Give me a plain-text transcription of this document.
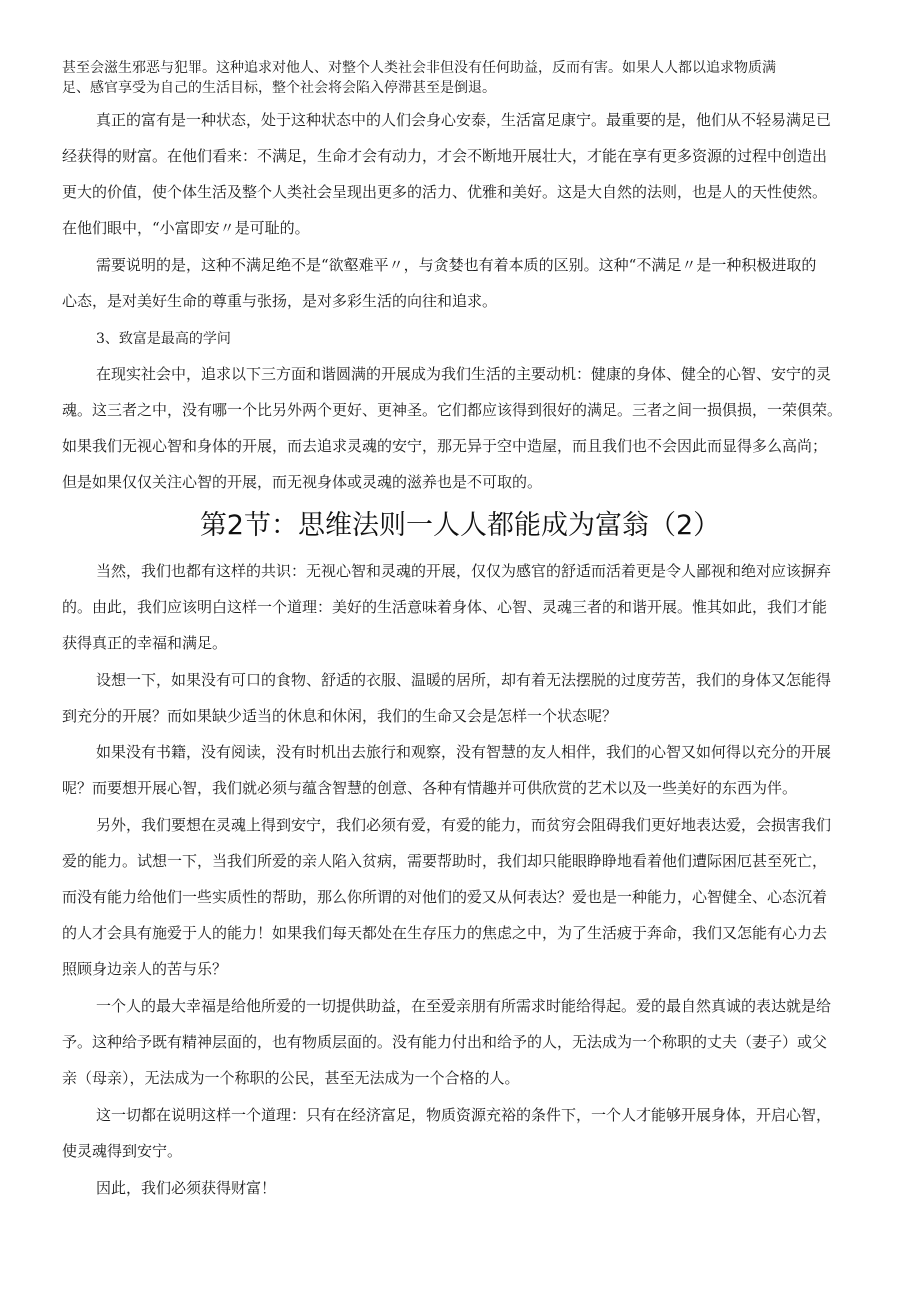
甚至会滋生邪恶与犯罪。这种追求对他人、对整个人类社会非但没有任何助益，反而有害。如果人人都以追求物质满
足、感官享受为自己的生活目标，整个社会将会陷入停滞甚至是倒退。
真正的富有是一种状态，处于这种状态中的人们会身心安泰，生活富足康宁。最重要的是，他们从不轻易满足已
经获得的财富。在他们看来：不满足，生命才会有动力，才会不断地开展壮大，才能在享有更多资源的过程中创造出
更大的价值，使个体生活及整个人类社会呈现出更多的活力、优雅和美好。这是大自然的法则，也是人的天性使然。
在他们眼中，“小富即安〃是可耻的。
需要说明的是，这种不满足绝不是“欲壑难平〃，与贪婪也有着本质的区别。这种“不满足〃是一种积极进取的
心态，是对美好生命的尊重与张扬，是对多彩生活的向往和追求。
3、致富是最高的学问
在现实社会中，追求以下三方面和谐圆满的开展成为我们生活的主要动机：健康的身体、健全的心智、安宁的灵
魂。这三者之中，没有哪一个比另外两个更好、更神圣。它们都应该得到很好的满足。三者之间一损俱损，一荣俱荣。
如果我们无视心智和身体的开展，而去追求灵魂的安宁，那无异于空中造屋，而且我们也不会因此而显得多么高尚；
但是如果仅仅关注心智的开展，而无视身体或灵魂的滋养也是不可取的。
第2节：思维法则一人人都能成为富翁（2）
当然，我们也都有这样的共识：无视心智和灵魂的开展，仅仅为感官的舒适而活着更是令人鄙视和绝对应该摒弃
的。由此，我们应该明白这样一个道理：美好的生活意味着身体、心智、灵魂三者的和谐开展。惟其如此，我们才能
获得真正的幸福和满足。
设想一下，如果没有可口的食物、舒适的衣服、温暖的居所，却有着无法摆脱的过度劳苦，我们的身体又怎能得
到充分的开展？而如果缺少适当的休息和休闲，我们的生命又会是怎样一个状态呢？
如果没有书籍，没有阅读，没有时机出去旅行和观察，没有智慧的友人相伴，我们的心智又如何得以充分的开展
呢？而要想开展心智，我们就必须与蕴含智慧的创意、各种有情趣并可供欣赏的艺术以及一些美好的东西为伴。
另外，我们要想在灵魂上得到安宁，我们必须有爱，有爱的能力，而贫穷会阻碍我们更好地表达爱，会损害我们
爱的能力。试想一下，当我们所爱的亲人陷入贫病，需要帮助时，我们却只能眼睁睁地看着他们遭际困厄甚至死亡，
而没有能力给他们一些实质性的帮助，那么你所谓的对他们的爱又从何表达？爱也是一种能力，心智健全、心态沉着
的人才会具有施爱于人的能力！如果我们每天都处在生存压力的焦虑之中，为了生活疲于奔命，我们又怎能有心力去
照顾身边亲人的苦与乐？
一个人的最大幸福是给他所爱的一切提供助益，在至爱亲朋有所需求时能给得起。爱的最自然真诚的表达就是给
予。这种给予既有精神层面的，也有物质层面的。没有能力付出和给予的人，无法成为一个称职的丈夫（妻子）或父
亲（母亲），无法成为一个称职的公民，甚至无法成为一个合格的人。
这一切都在说明这样一个道理：只有在经济富足，物质资源充裕的条件下，一个人才能够开展身体，开启心智，
使灵魂得到安宁。
因此，我们必须获得财富！
